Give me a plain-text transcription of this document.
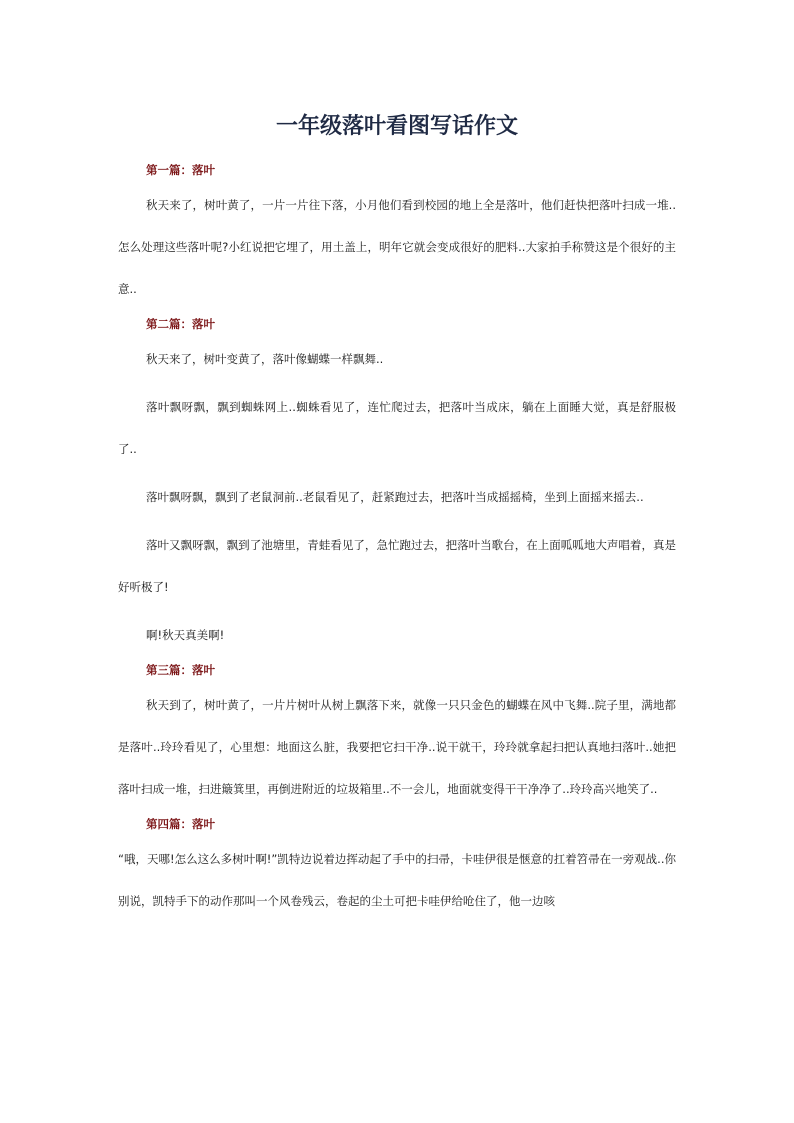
一年级落叶看图写话作文
第一篇：落叶

秋天来了，树叶黄了，一片一片往下落，小月他们看到校园的地上全是落叶，他们赶快把落叶扫成一堆..怎么处理这些落叶呢?小红说把它埋了，用土盖上，明年它就会变成很好的肥料..大家拍手称赞这是个很好的主意..

第二篇：落叶

秋天来了，树叶变黄了，落叶像蝴蝶一样飘舞..

落叶飘呀飘，飘到蜘蛛网上..蜘蛛看见了，连忙爬过去，把落叶当成床，躺在上面睡大觉，真是舒服极了..

落叶飘呀飘，飘到了老鼠洞前..老鼠看见了，赶紧跑过去，把落叶当成摇摇椅，坐到上面摇来摇去..

落叶又飘呀飘，飘到了池塘里，青蛙看见了，急忙跑过去，把落叶当歌台，在上面呱呱地大声唱着，真是好听极了!

啊!秋天真美啊!

第三篇：落叶

秋天到了，树叶黄了，一片片树叶从树上飘落下来，就像一只只金色的蝴蝶在风中飞舞..院子里，满地都是落叶..玲玲看见了，心里想：地面这么脏，我要把它扫干净..说干就干，玲玲就拿起扫把认真地扫落叶..她把落叶扫成一堆，扫进簸箕里，再倒进附近的垃圾箱里..不一会儿，地面就变得干干净净了..玲玲高兴地笑了..

第四篇：落叶

“哦，天哪!怎么这么多树叶啊!”凯特边说着边挥动起了手中的扫帚，卡哇伊很是惬意的扛着笤帚在一旁观战..你别说，凯特手下的动作那叫一个风卷残云，卷起的尘土可把卡哇伊给呛住了，他一边咳
